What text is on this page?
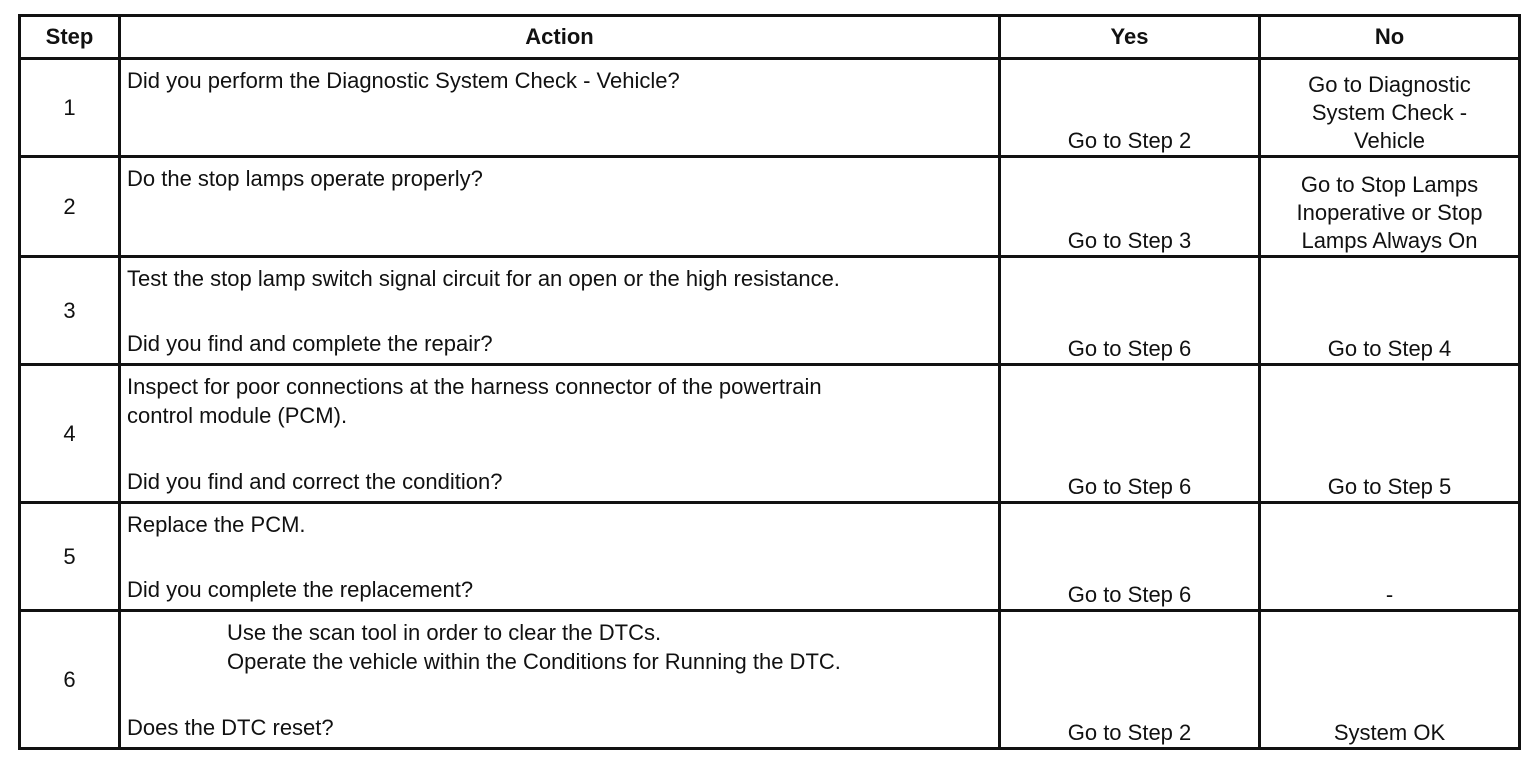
Step	Action	Yes	No
1	Did you perform the Diagnostic System Check - Vehicle?	Go to Step 2	Go to Diagnostic
System Check -
Vehicle
2	Do the stop lamps operate properly?	Go to Step 3	Go to Stop Lamps
Inoperative or Stop
Lamps Always On
3	Test the stop lamp switch signal circuit for an open or the high resistance.
Did you find and complete the repair?	Go to Step 6	Go to Step 4
4	Inspect for poor connections at the harness connector of the powertrain
control module (PCM).
Did you find and correct the condition?	Go to Step 6	Go to Step 5
5	Replace the PCM.
Did you complete the replacement?	Go to Step 6	-
6	Use the scan tool in order to clear the DTCs.
Operate the vehicle within the Conditions for Running the DTC.
Does the DTC reset?	Go to Step 2	System OK
